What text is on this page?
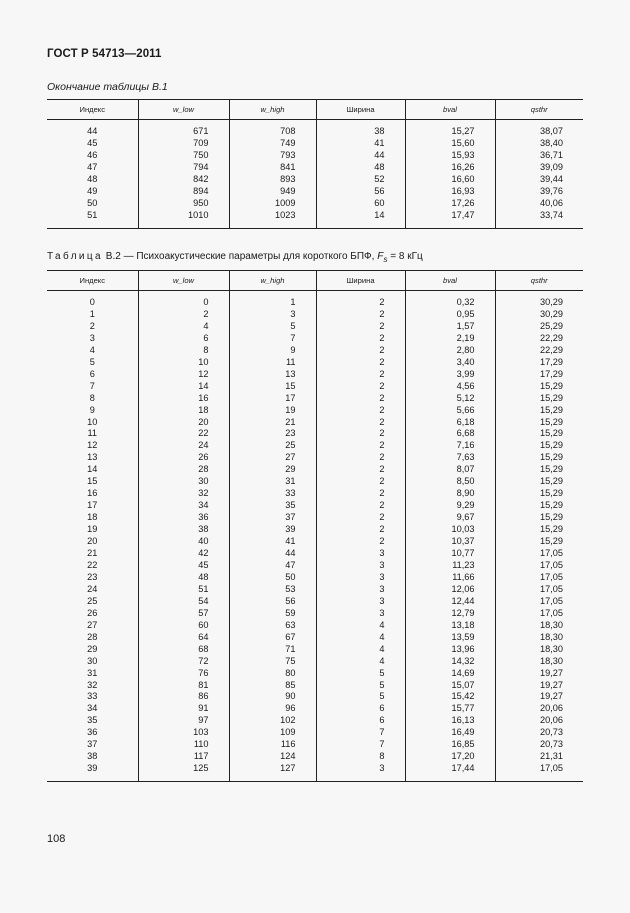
ГОСТ Р 54713—2011
Окончание таблицы В.1
Индекс	w_low	w_high	Ширина	bval	qsthr

44	671	708	38	15,27	38,07
45	709	749	41	15,60	38,40
46	750	793	44	15,93	36,71
47	794	841	48	16,26	39,09
48	842	893	52	16,60	39,44
49	894	949	56	16,93	39,76
50	950	1009	60	17,26	40,06
51	1010	1023	14	17,47	33,74

Таблица В.2 — Психоакустические параметры для короткого БПФ, $F_s = 8$ кГц
Индекс	w_low	w_high	Ширина	bval	qsthr

0	0	1	2	0,32	30,29
1	2	3	2	0,95	30,29
2	4	5	2	1,57	25,29
3	6	7	2	2,19	22,29
4	8	9	2	2,80	22,29
5	10	11	2	3,40	17,29
6	12	13	2	3,99	17,29
7	14	15	2	4,56	15,29
8	16	17	2	5,12	15,29
9	18	19	2	5,66	15,29
10	20	21	2	6,18	15,29
11	22	23	2	6,68	15,29
12	24	25	2	7,16	15,29
13	26	27	2	7,63	15,29
14	28	29	2	8,07	15,29
15	30	31	2	8,50	15,29
16	32	33	2	8,90	15,29
17	34	35	2	9,29	15,29
18	36	37	2	9,67	15,29
19	38	39	2	10,03	15,29
20	40	41	2	10,37	15,29
21	42	44	3	10,77	17,05
22	45	47	3	11,23	17,05
23	48	50	3	11,66	17,05
24	51	53	3	12,06	17,05
25	54	56	3	12,44	17,05
26	57	59	3	12,79	17,05
27	60	63	4	13,18	18,30
28	64	67	4	13,59	18,30
29	68	71	4	13,96	18,30
30	72	75	4	14,32	18,30
31	76	80	5	14,69	19,27
32	81	85	5	15,07	19,27
33	86	90	5	15,42	19,27
34	91	96	6	15,77	20,06
35	97	102	6	16,13	20,06
36	103	109	7	16,49	20,73
37	110	116	7	16,85	20,73
38	117	124	8	17,20	21,31
39	125	127	3	17,44	17,05

108
